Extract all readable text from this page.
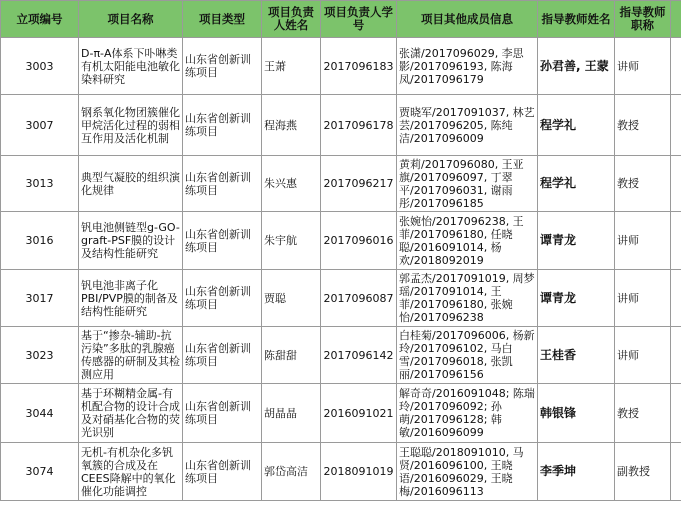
立项编号	项目名称	项目类型	项目负责人姓名	项目负责人学号	项目其他成员信息	指导教师姓名	指导教师职称	
3003	D-π-A体系下卟啉类有机太阳能电池敏化染料研究	山东省创新训练项目	王萧	2017096183	张潇/2017096029, 李思影/2017096193, 陈海凤/2017096179	孙君善, 王蒙	讲师	
3007	钢系氧化物团簇催化甲烷活化过程的弱相互作用及活化机制	山东省创新训练项目	程海燕	2017096178	贾晓军/2017091037, 林艺芸/2017096205, 陈纯洁/2017096009	程学礼	教授	
3013	典型气凝胶的组织演化规律	山东省创新训练项目	朱兴惠	2017096217	黄莉/2017096080, 王亚旗/2017096097, 丁翠平/2017096031, 谢雨彤/2017096185	程学礼	教授	
3016	钒电池侧链型g-GO-graft-PSF膜的设计及结构性能研究	山东省创新训练项目	朱宇航	2017096016	张婉怡/2017096238, 王菲/2017096180, 任晓聪/2016091014, 杨欢/2018092019	谭青龙	讲师	
3017	钒电池非离子化PBI/PVP膜的制备及结构性能研究	山东省创新训练项目	贾聪	2017096087	郭孟杰/2017091019, 周梦瑶/2017091014, 王菲/2017096180, 张婉怡/2017096238	谭青龙	讲师	
3023	基于“掺杂-辅助-抗污染”多肽的乳腺癌传感器的研制及其检测应用	山东省创新训练项目	陈甜甜	2017096142	白桂菊/2017096006, 杨新玲/2017096102, 马白雪/2017096018, 张凯丽/2017096156	王桂香	讲师	
3044	基于环糊精金属-有机配合物的设计合成及对硝基化合物的荧光识别	山东省创新训练项目	胡晶晶	2016091021	解奇奇/2016091048; 陈瑞玲/2017096092; 孙萌/2017096128; 韩敏/2016096099	韩银锋	教授	
3074	无机-有机杂化多钒氧簇的合成及在CEES降解中的氧化催化功能调控	山东省创新训练项目	郭岱高洁	2018091019	王聪聪/2018091010, 马贤/2016096100, 王晓语/2016096029, 王晓梅/2016096113	李季坤	副教授	
